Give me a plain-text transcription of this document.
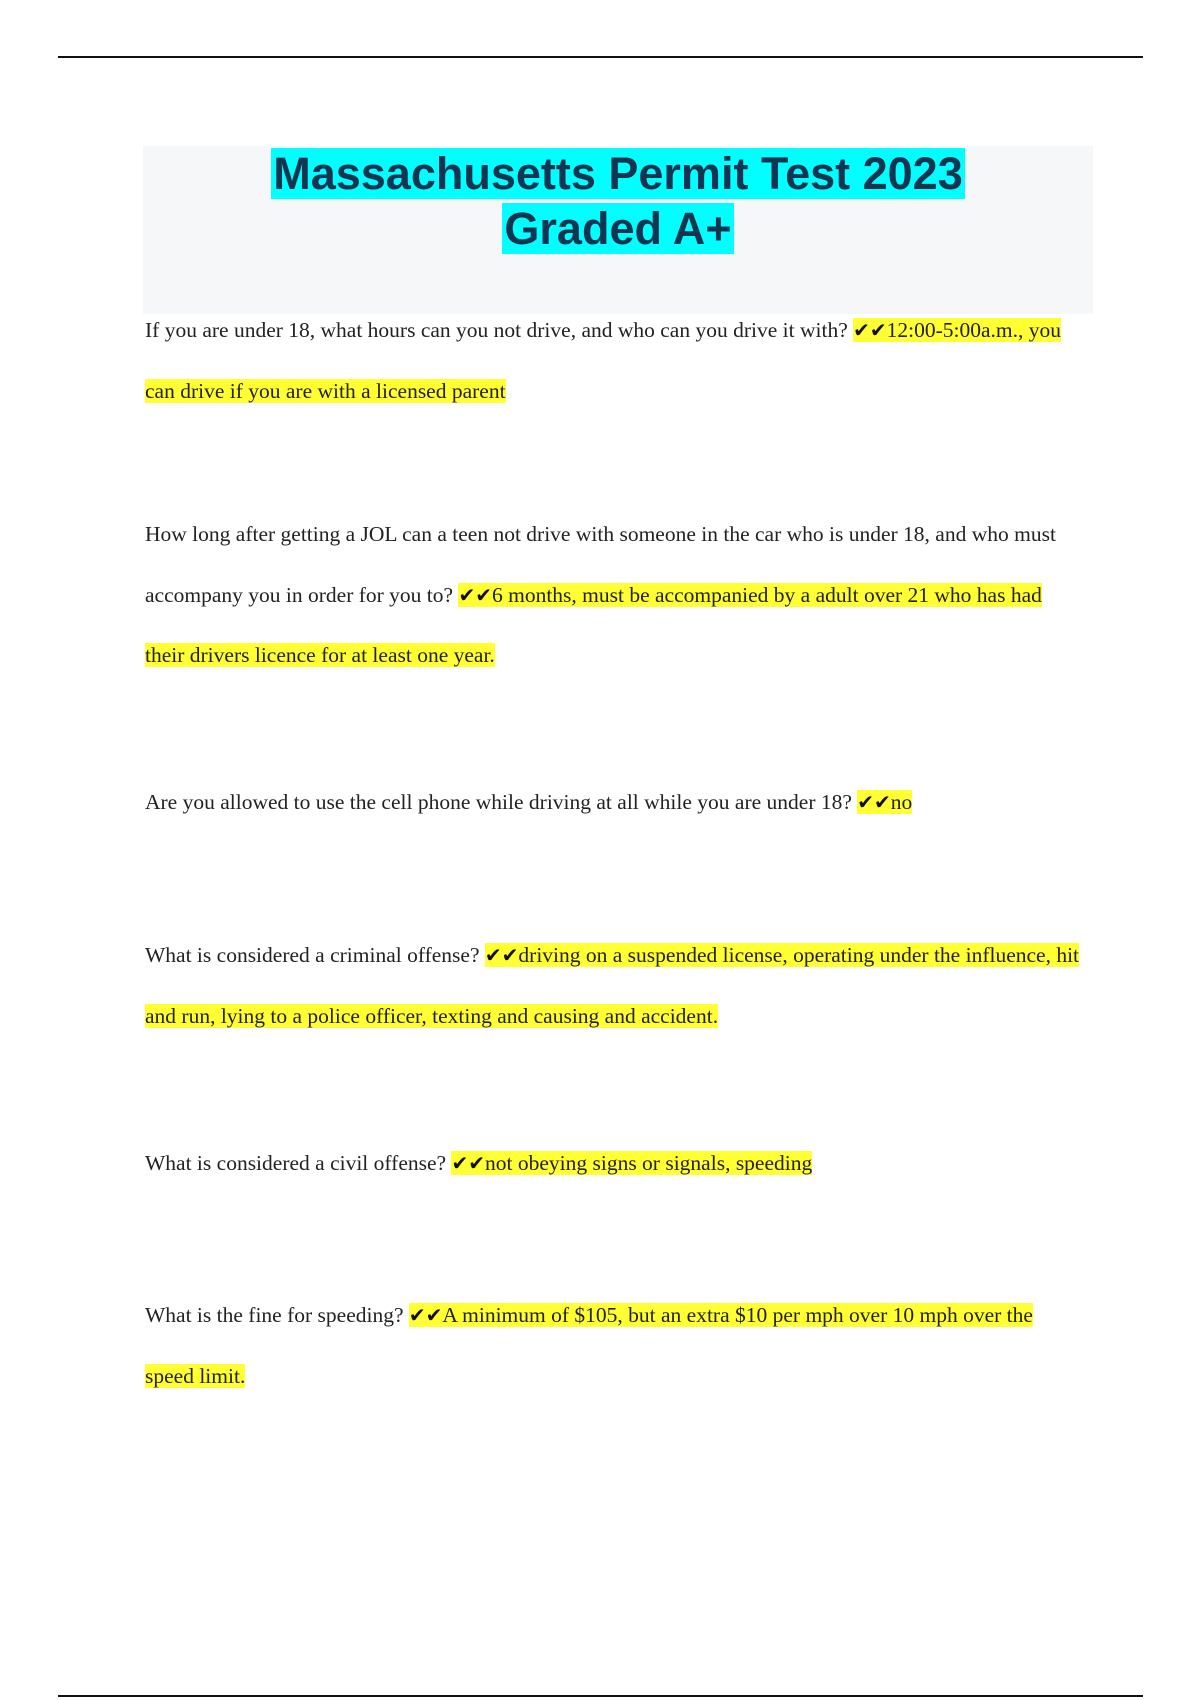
Massachusetts Permit Test 2023
Graded A+

If you are under 18, what hours can you not drive, and who can you drive it with? ✔✔12:00-5:00a.m., you can drive if you are with a licensed parent

How long after getting a JOL can a teen not drive with someone in the car who is under 18, and who must accompany you in order for you to? ✔✔6 months, must be accompanied by a adult over 21 who has had their drivers licence for at least one year.

Are you allowed to use the cell phone while driving at all while you are under 18? ✔✔no

What is considered a criminal offense? ✔✔driving on a suspended license, operating under the influence, hit and run, lying to a police officer, texting and causing and accident.

What is considered a civil offense? ✔✔not obeying signs or signals, speeding

What is the fine for speeding? ✔✔A minimum of $105, but an extra $10 per mph over 10 mph over the speed limit.
